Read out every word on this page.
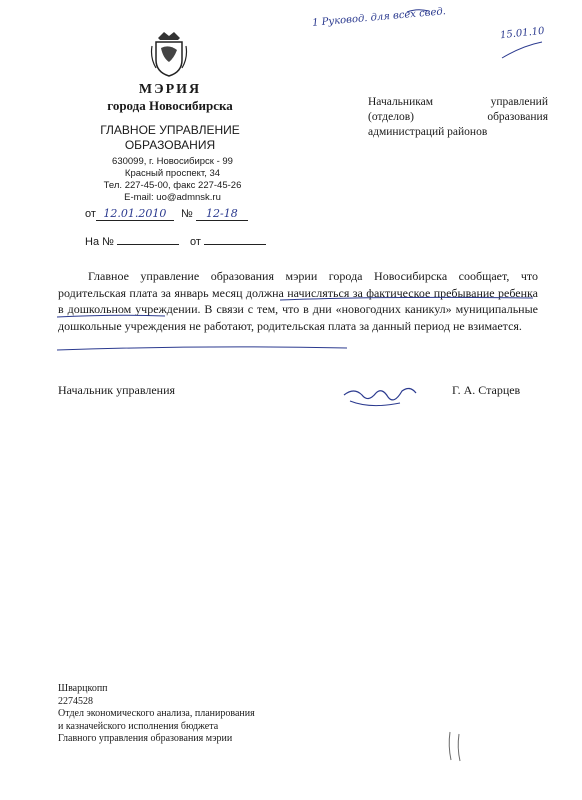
1 Руковод. для всех свед.
15.01.10
МЭРИЯ
города Новосибирска
ГЛАВНОЕ УПРАВЛЕНИЕ
ОБРАЗОВАНИЯ
630099, г. Новосибирск - 99
Красный проспект, 34
Тел. 227-45-00, факс 227-45-26
E-mail: uo@admnsk.ru
от 12.01.2010 № 12-18
На №	от
Начальникам управлений
(отделов) образования
администраций районов
Главное управление образования мэрии города Новосибирска сообщает, что родительская плата за январь месяц должна начисляться за фактическое пребывание ребенка в дошкольном учреждении. В связи с тем, что в дни «новогодних каникул» муниципальные дошкольные учреждения не работают, родительская плата за данный период не взимается.
Начальник управления	Г. А. Старцев
Шварцкопп
2274528
Отдел экономического анализа, планирования
и казначейского исполнения бюджета
Главного управления образования мэрии
